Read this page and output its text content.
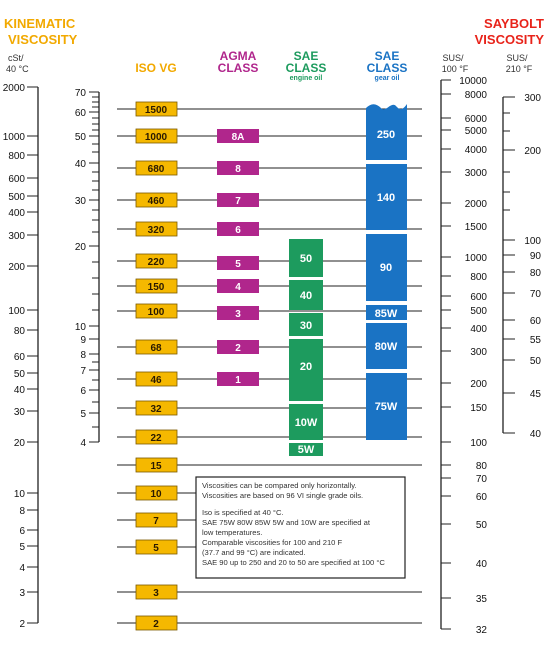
KINEMATIC
VISCOSITY
cSt/
40 °C	ISO VG
AGMA
CLASS
SAE
CLASS
engine oil
SAE
CLASS
gear oil
SAYBOLT
VISCOSITY
SUS/
100 °F
SUS/
210 °F
2000
1000
800
600
500
400
300
200
100
80
60
50
40
30
20
10
8
6
5
4
3
2
70
60
50
40
30
20
10
9
8
7
6
5
4
1500
1000
680
460
320
220
150
100
68
46
32
22
15
10
7
5
3
2
8A
8
7
6
5
4
3
2
1
50
40
30
20
10W
5W
250
140
90
85W
80W
75W
10000
8000
6000
5000
4000
3000
2000
1500
1000
800
600
500
400
300
200
150
100
80
70
60
50
40
35
32
300
200
100
90
80
70
60
55
50
45
40
Viscosities can be compared only horizontally.
Viscosities are based on 96 VI single grade oils.
Iso is specified at 40 °C.
SAE 75W 80W 85W 5W and 10W are specified at
low temperatures.
Comparable viscosities for 100 and 210 F
(37.7 and 99 °C) are indicated.
SAE 90 up to 250 and 20 to 50 are specified at 100 °C
